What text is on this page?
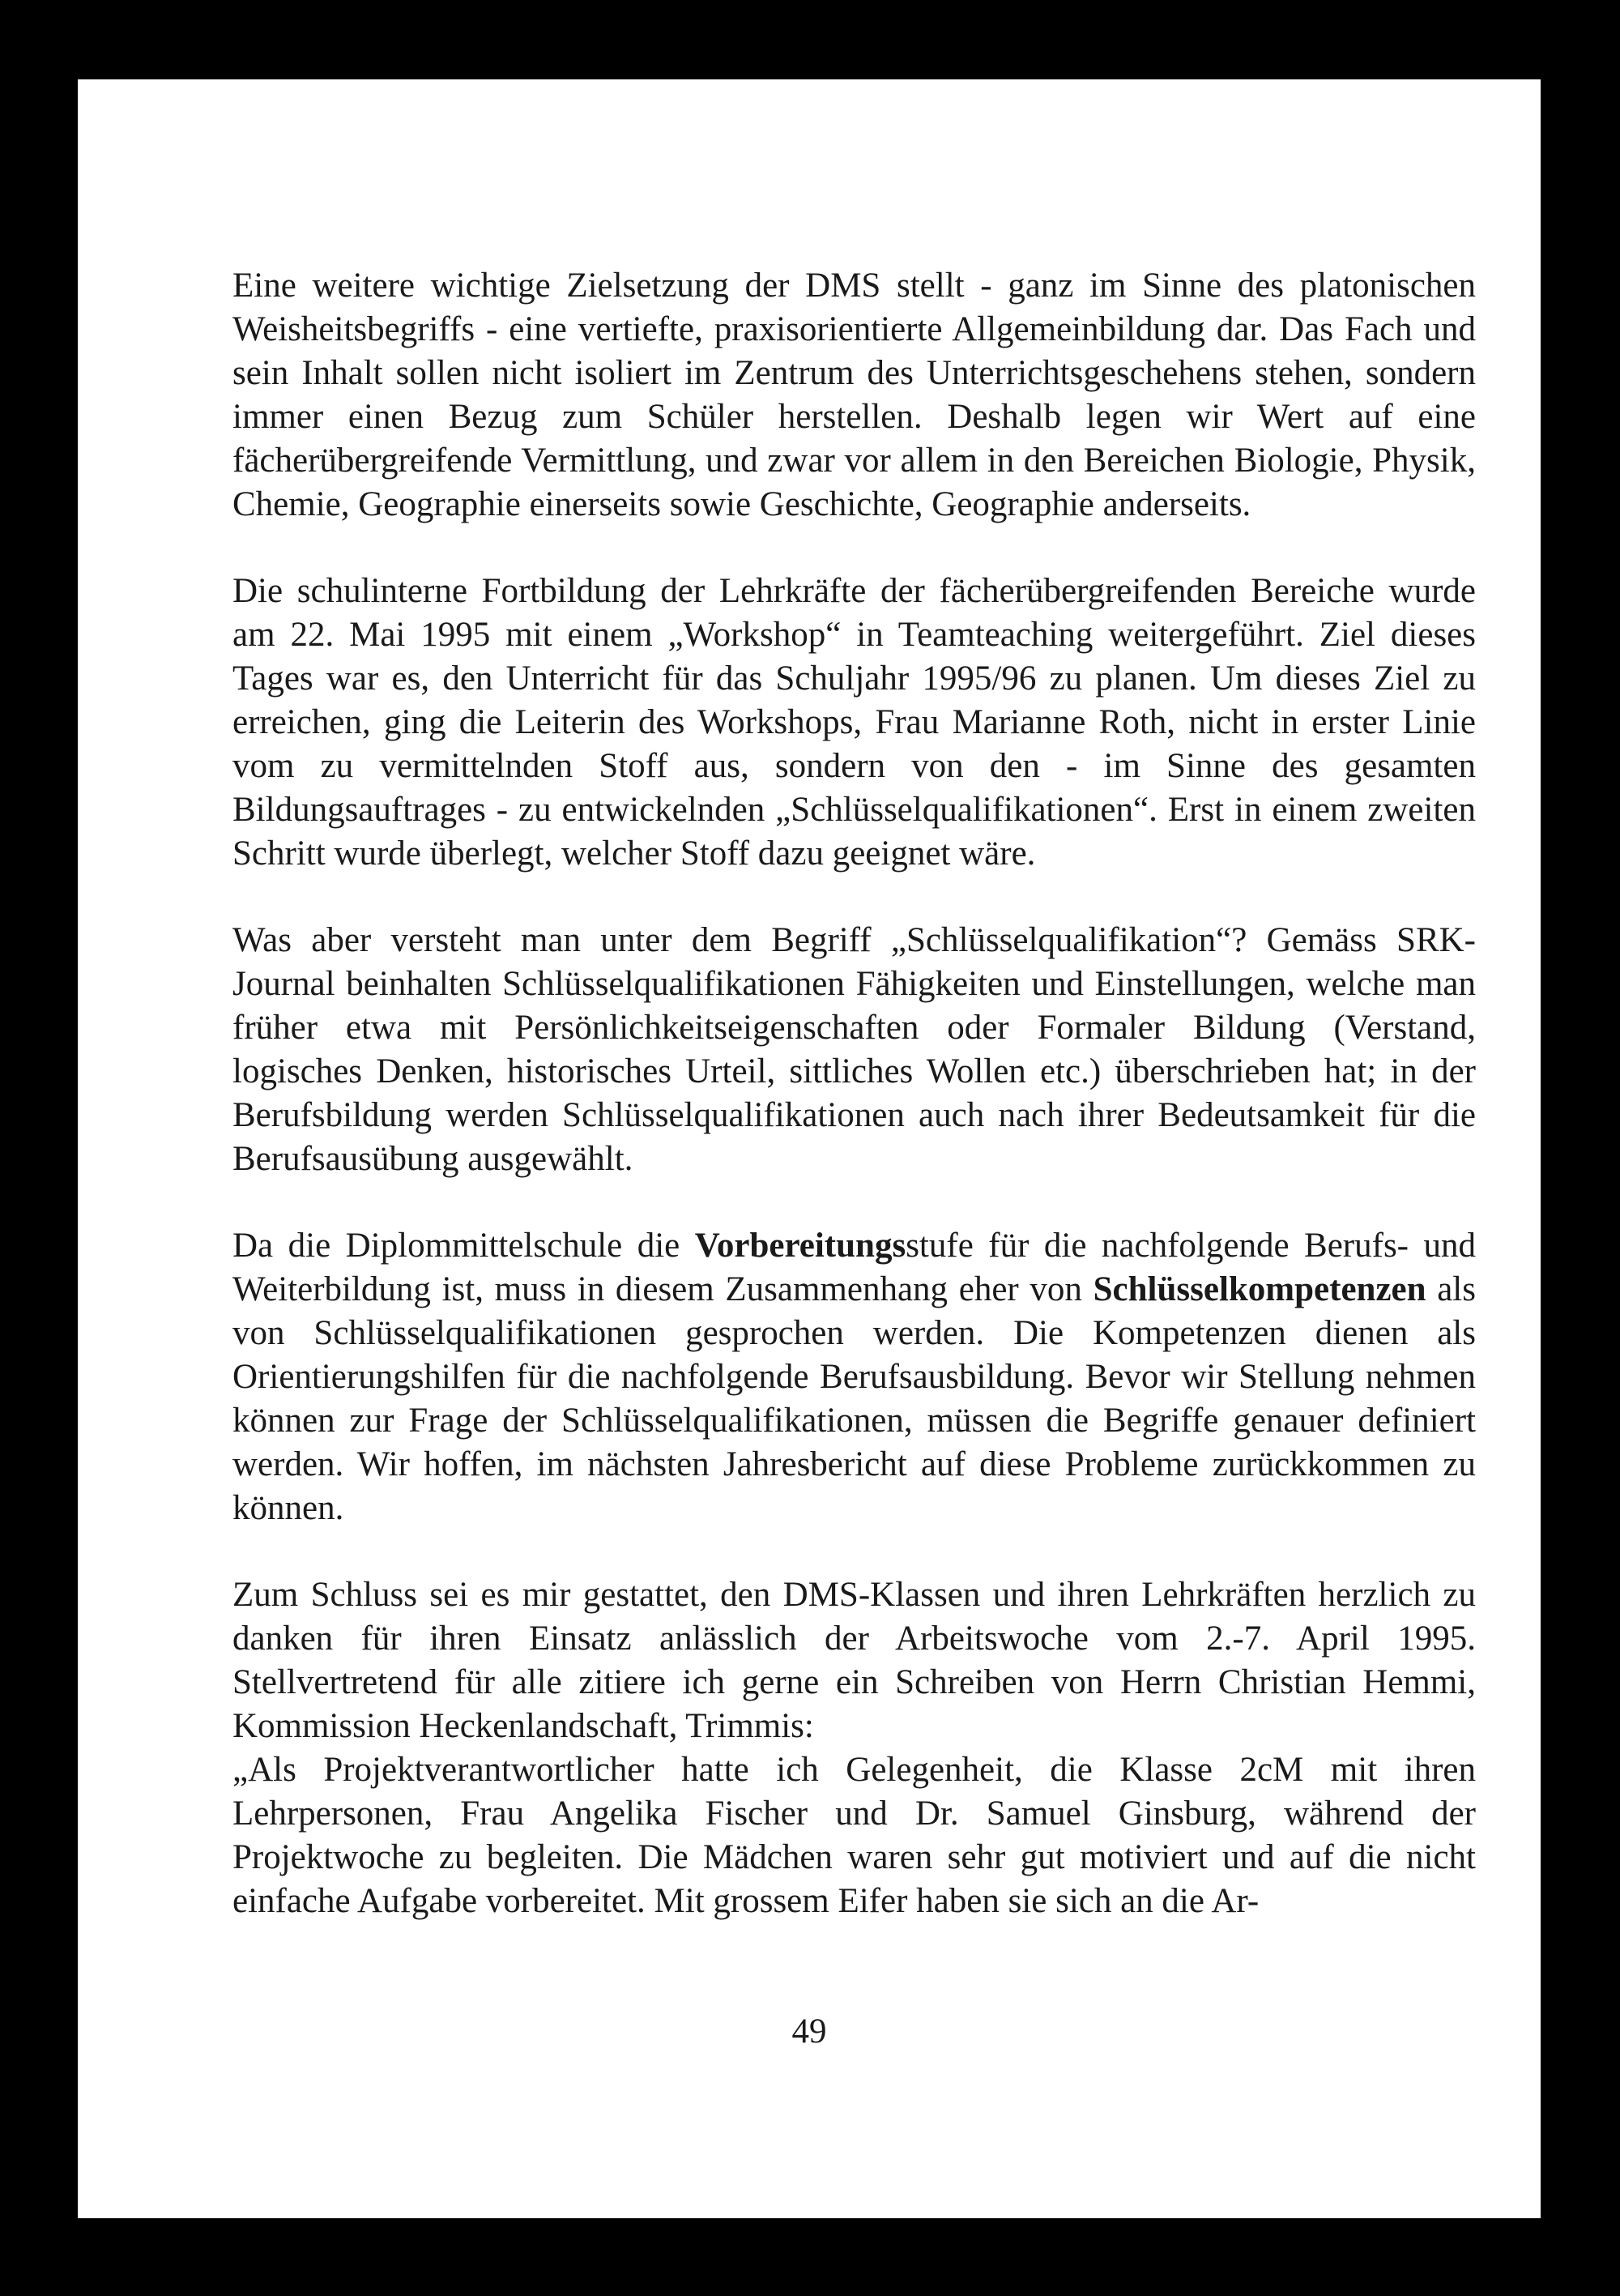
Eine weitere wichtige Zielsetzung der DMS stellt - ganz im Sinne des platonischen Weisheitsbegriffs - eine vertiefte, praxisorientierte Allgemeinbildung dar. Das Fach und sein Inhalt sollen nicht isoliert im Zentrum des Unterrichtsgeschehens stehen, sondern immer einen Bezug zum Schüler herstellen. Deshalb legen wir Wert auf eine fächerübergreifende Vermittlung, und zwar vor allem in den Bereichen Biologie, Physik, Chemie, Geographie einerseits sowie Geschichte, Geographie anderseits.

Die schulinterne Fortbildung der Lehrkräfte der fächerübergreifenden Bereiche wurde am 22. Mai 1995 mit einem „Workshop“ in Teamteaching weitergeführt. Ziel dieses Tages war es, den Unterricht für das Schuljahr 1995/96 zu planen. Um dieses Ziel zu erreichen, ging die Leiterin des Workshops, Frau Marianne Roth, nicht in erster Linie vom zu vermittelnden Stoff aus, sondern von den - im Sinne des gesamten Bildungsauftrages - zu entwickelnden „Schlüsselqualifikationen“. Erst in einem zweiten Schritt wurde überlegt, welcher Stoff dazu geeignet wäre.

Was aber versteht man unter dem Begriff „Schlüsselqualifikation“? Gemäss SRK-Journal beinhalten Schlüsselqualifikationen Fähigkeiten und Einstellungen, welche man früher etwa mit Persönlichkeitseigenschaften oder Formaler Bildung (Verstand, logisches Denken, historisches Urteil, sittliches Wollen etc.) überschrieben hat; in der Berufsbildung werden Schlüsselqualifikationen auch nach ihrer Bedeutsamkeit für die Berufsausübung ausgewählt.

Da die Diplommittelschule die Vorbereitungsstufe für die nachfolgende Berufs- und Weiterbildung ist, muss in diesem Zusammenhang eher von Schlüsselkompetenzen als von Schlüsselqualifikationen gesprochen werden. Die Kompetenzen dienen als Orientierungshilfen für die nachfolgende Berufsausbildung. Bevor wir Stellung nehmen können zur Frage der Schlüsselqualifikationen, müssen die Begriffe genauer definiert werden. Wir hoffen, im nächsten Jahresbericht auf diese Probleme zurückkommen zu können.

Zum Schluss sei es mir gestattet, den DMS-Klassen und ihren Lehrkräften herzlich zu danken für ihren Einsatz anlässlich der Arbeitswoche vom 2.-7. April 1995. Stellvertretend für alle zitiere ich gerne ein Schreiben von Herrn Christian Hemmi, Kommission Heckenlandschaft, Trimmis:

„Als Projektverantwortlicher hatte ich Gelegenheit, die Klasse 2cM mit ihren Lehrpersonen, Frau Angelika Fischer und Dr. Samuel Ginsburg, während der Projektwoche zu begleiten. Die Mädchen waren sehr gut motiviert und auf die nicht einfache Aufgabe vorbereitet. Mit grossem Eifer haben sie sich an die Ar-

49
